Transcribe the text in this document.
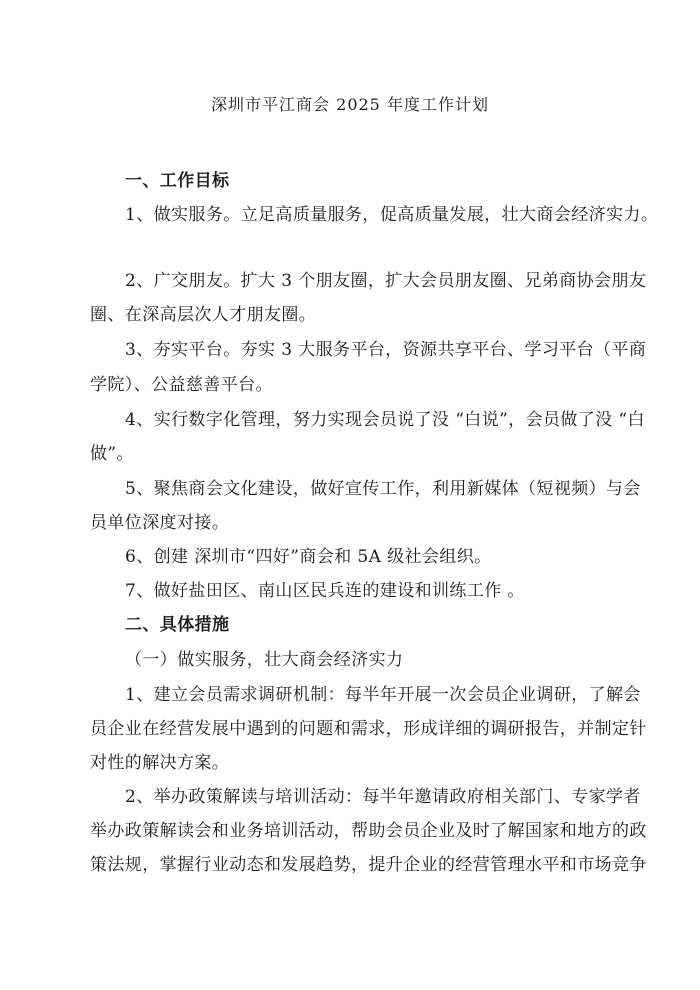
深圳市平江商会 2025 年度工作计划
一、工作目标
1、做实服务。立足高质量服务，促高质量发展，壮大商会经济实力。
2、广交朋友。扩大 3 个朋友圈，扩大会员朋友圈、兄弟商协会朋友
圈、在深高层次人才朋友圈。
3、夯实平台。夯实 3 大服务平台，资源共享平台、学习平台（平商
学院）、公益慈善平台。
4、实行数字化管理，努力实现会员说了没 “白说”，会员做了没 “白
做”。
5、聚焦商会文化建设，做好宣传工作，利用新媒体（短视频）与会
员单位深度对接。
6、创建 深圳市“四好”商会和 5A 级社会组织。
7、做好盐田区、南山区民兵连的建设和训练工作 。
二、具体措施
（一）做实服务，壮大商会经济实力
1、建立会员需求调研机制：每半年开展一次会员企业调研，了解会
员企业在经营发展中遇到的问题和需求，形成详细的调研报告，并制定针
对性的解决方案。
2、举办政策解读与培训活动：每半年邀请政府相关部门、专家学者
举办政策解读会和业务培训活动，帮助会员企业及时了解国家和地方的政
策法规，掌握行业动态和发展趋势，提升企业的经营管理水平和市场竞争
